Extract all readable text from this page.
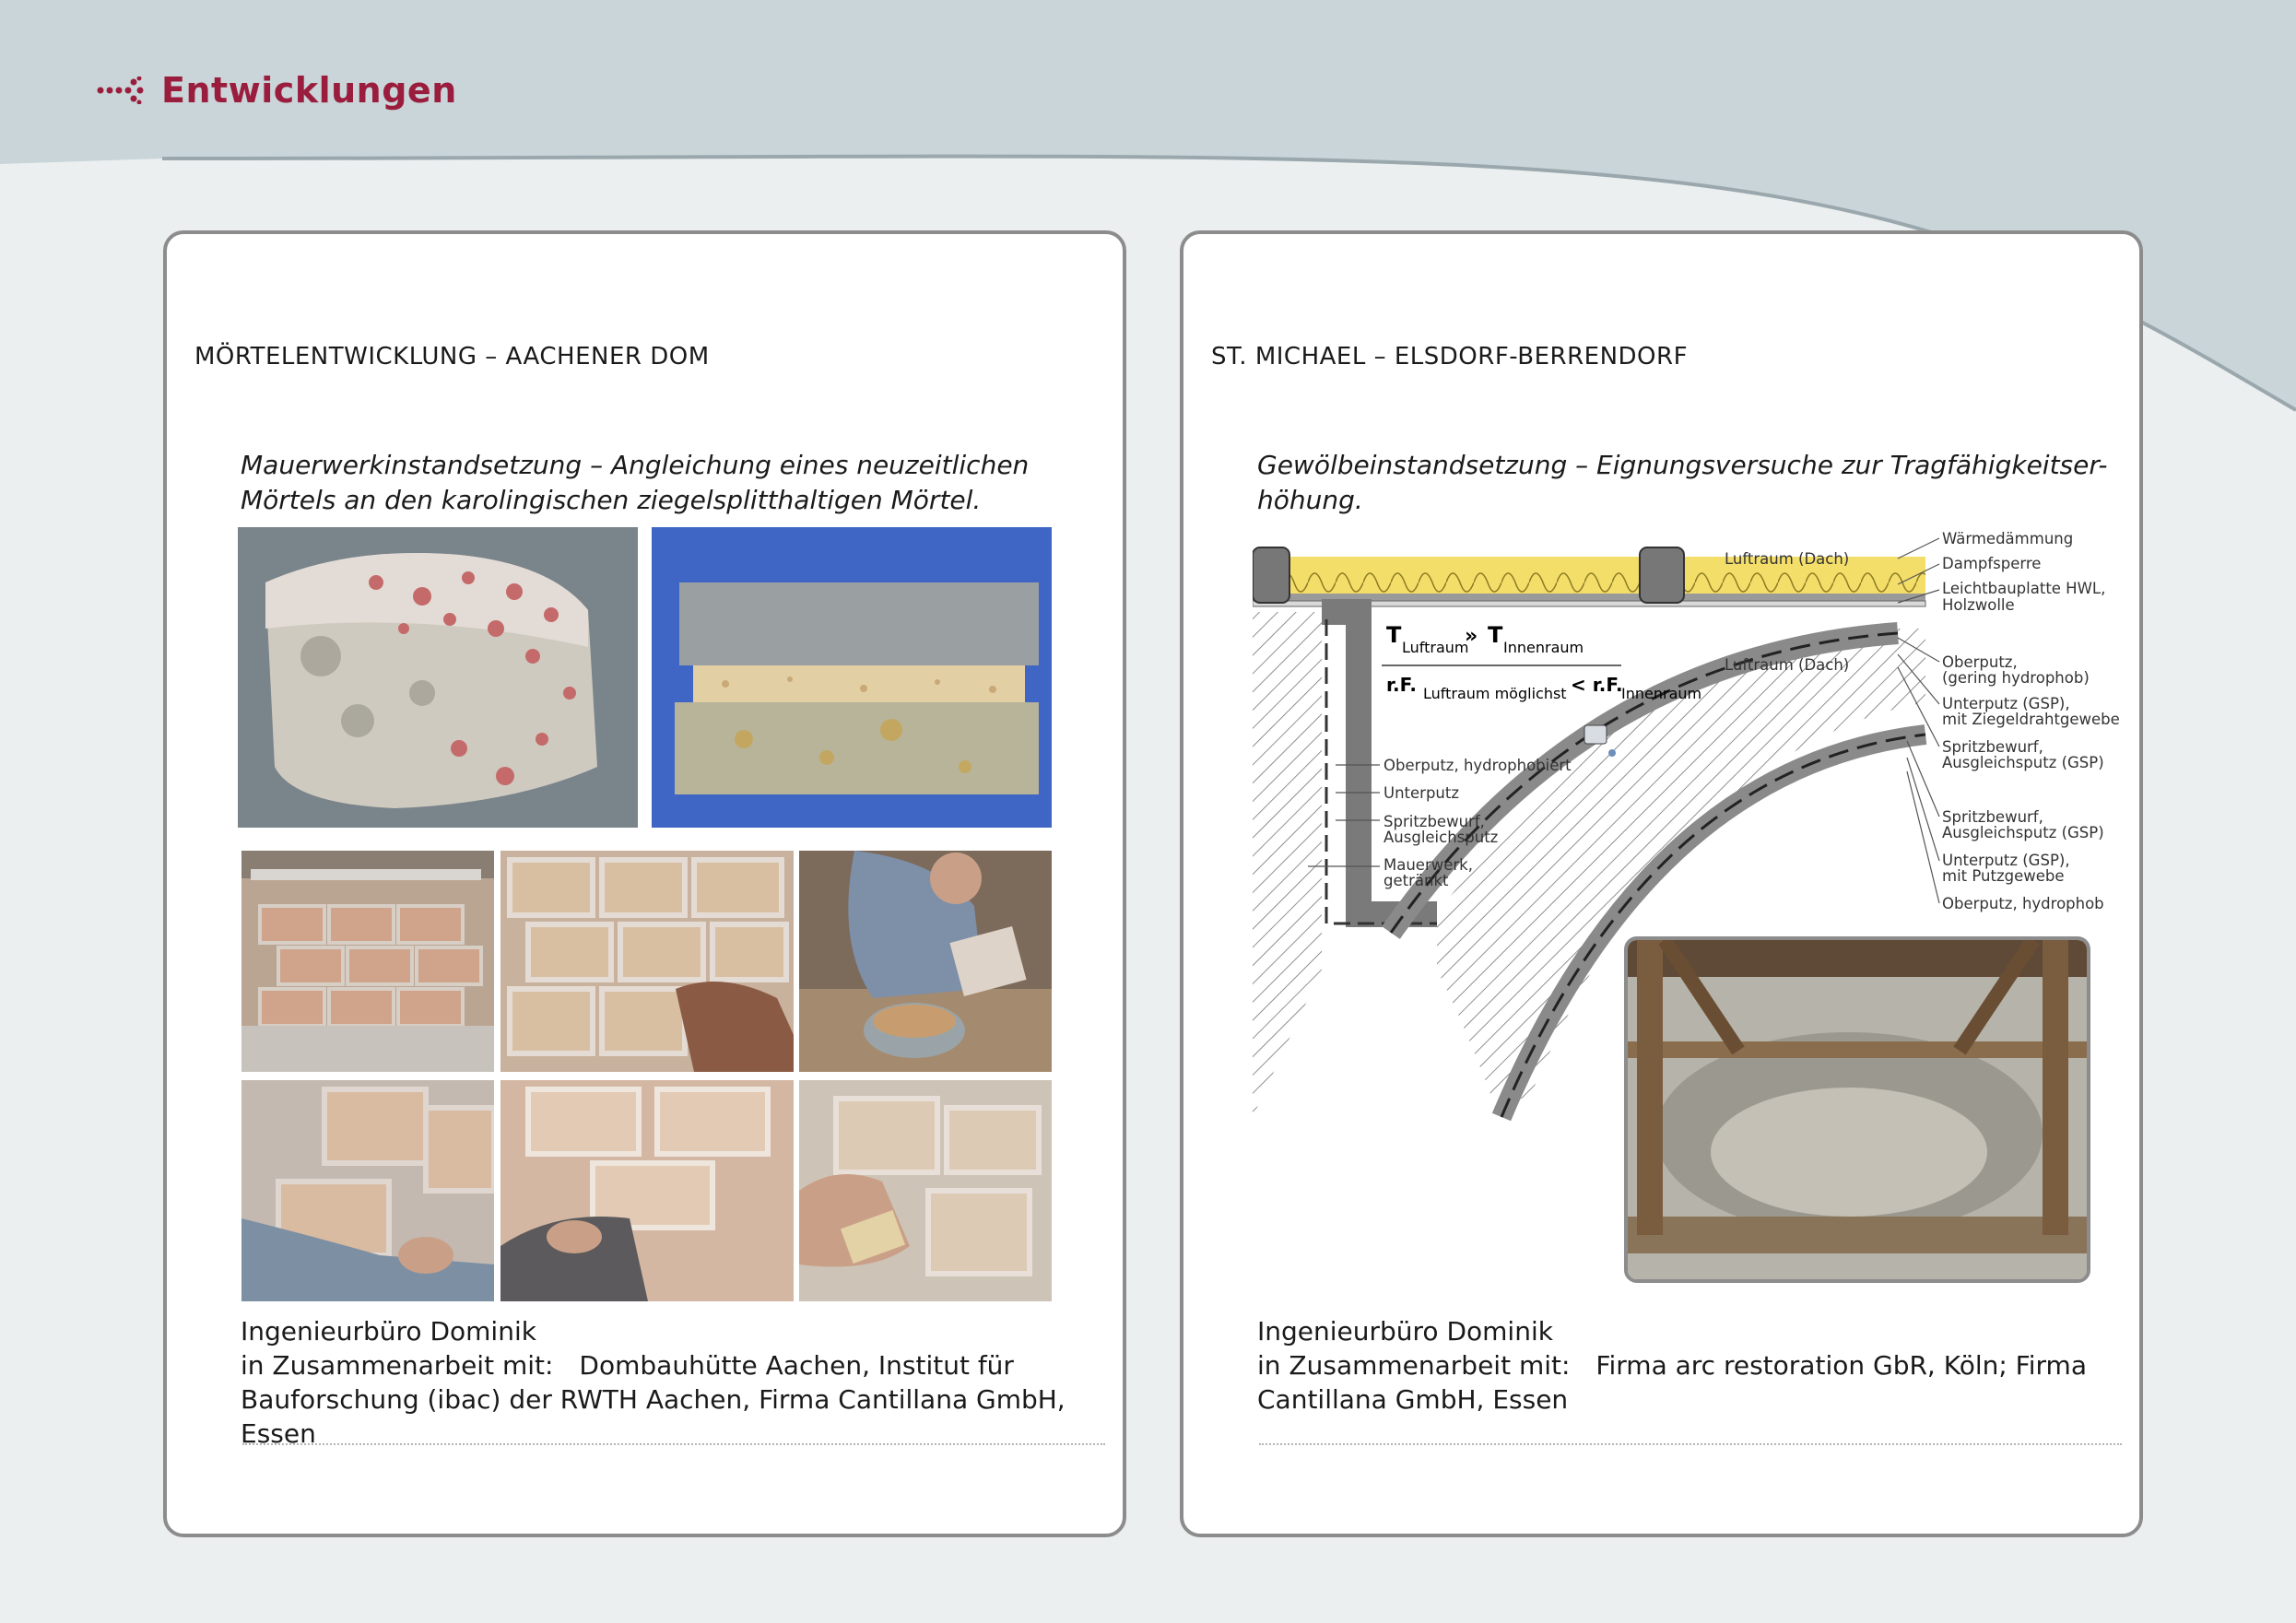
Entwicklungen
MÖRTELENTWICKLUNG – AACHENER DOM

Mauerwerkinstandsetzung – Angleichung eines neuzeitlichen Mörtels an den karolingischen ziegelsplitthaltigen Mörtel.

Ingenieurbüro Dominik
in Zusammenarbeit mit: Dombauhütte Aachen, Institut für Bauforschung (ibac) der RWTH Aachen, Firma Cantillana GmbH, Essen
ST. MICHAEL – ELSDORF-BERRENDORF

Gewölbeinstandsetzung – Eignungsversuche zur Tragfähigkeitser-höhung.

T Luftraum
» T Innenraum
r.F. Luftraum möglichst < r.F.
Innenraum
Luftraum (Dach)
Luftraum (Dach)
Wärmedämmung
Dampfsperre
Leichtbauplatte HWL,
Holzwolle
Oberputz,
(gering hydrophob)
Unterputz (GSP),
mit Ziegeldrahtgewebe
Spritzbewurf,
Ausgleichsputz (GSP)
Spritzbewurf,
Ausgleichsputz (GSP)
Unterputz (GSP),
mit Putzgewebe
Oberputz, hydrophob
Oberputz, hydrophobiert
Unterputz
Spritzbewurf,
Ausgleichsputz
Mauerwerk,
getränkt
Ingenieurbüro Dominik
in Zusammenarbeit mit: Firma arc restoration GbR, Köln; Firma Cantillana GmbH, Essen
